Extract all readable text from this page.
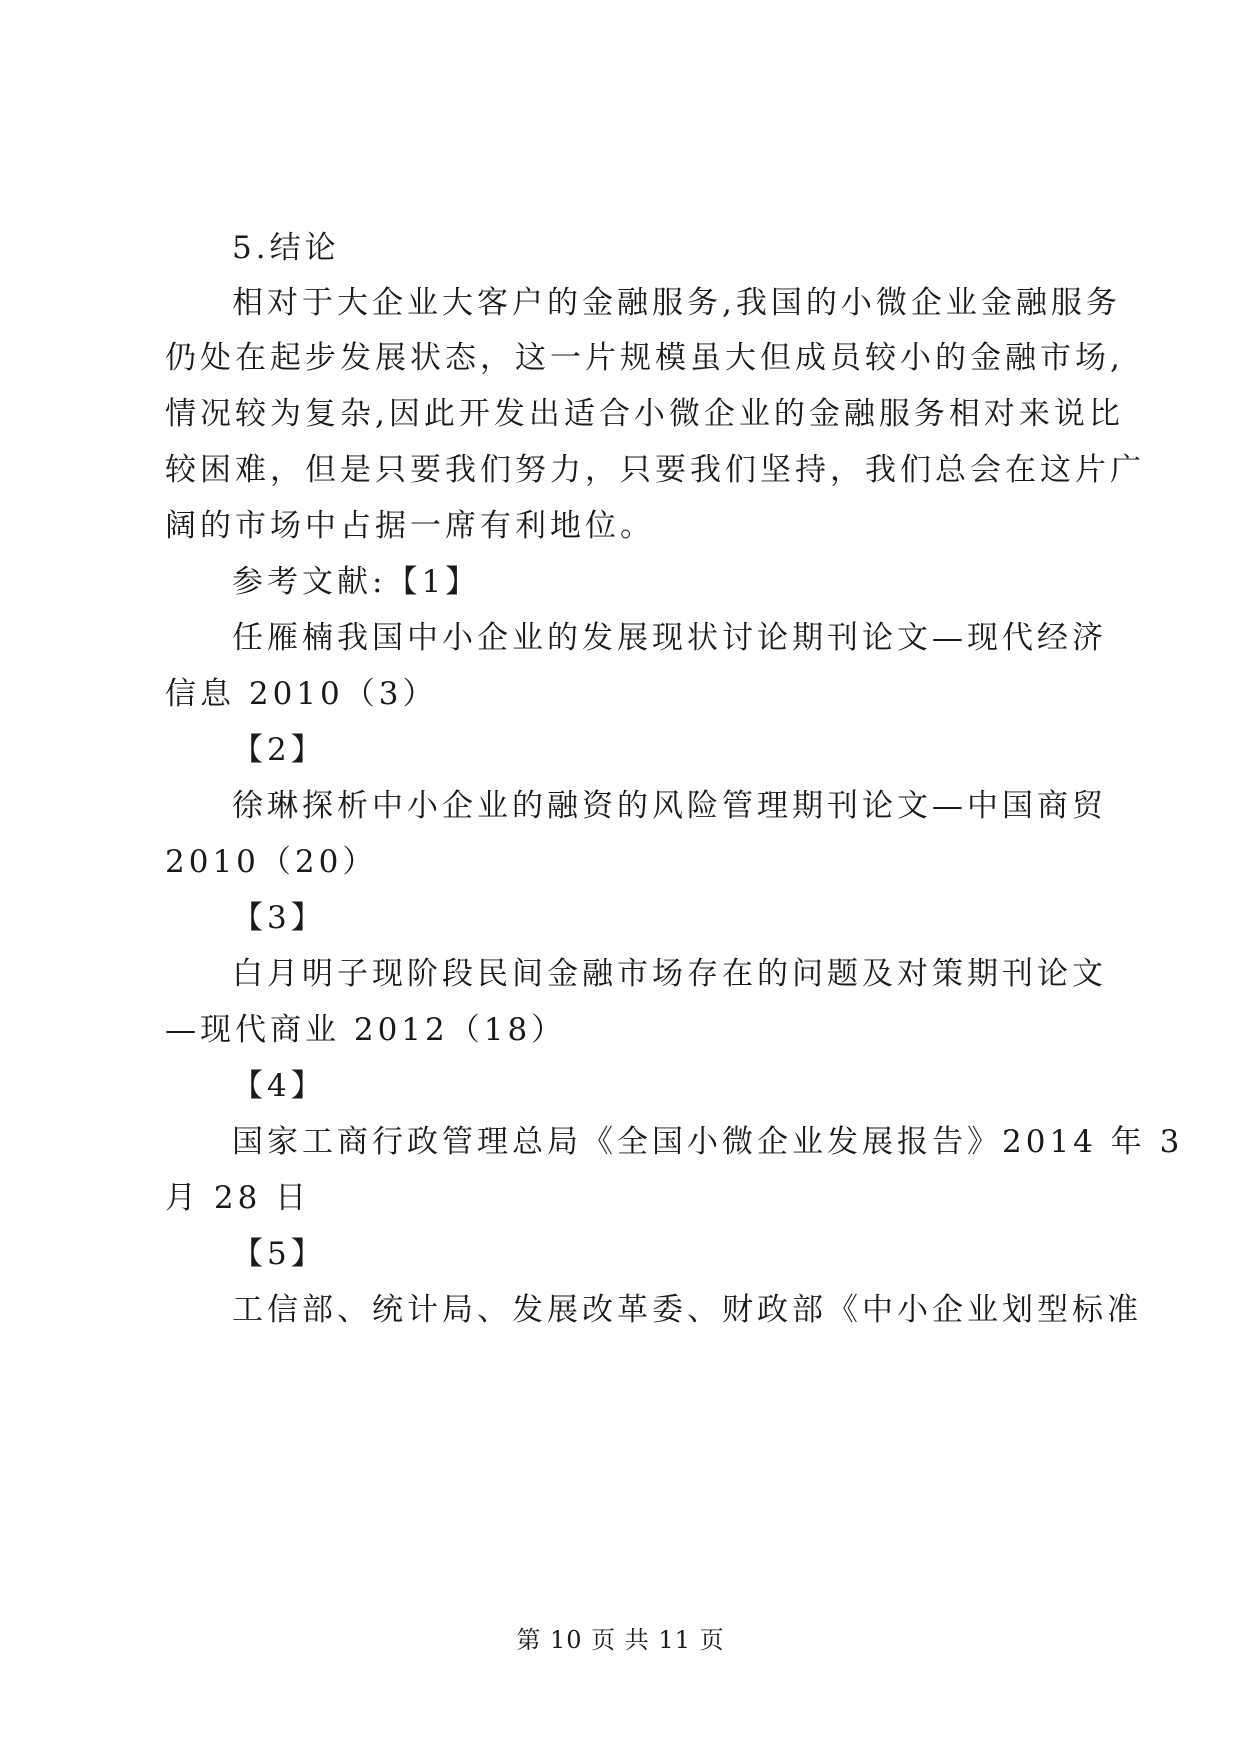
5.结论
相对于大企业大客户的金融服务,我国的小微企业金融服务
仍处在起步发展状态，这一片规模虽大但成员较小的金融市场,
情况较为复杂,因此开发出适合小微企业的金融服务相对来说比
较困难，但是只要我们努力，只要我们坚持，我们总会在这片广
阔的市场中占据一席有利地位。
参考文献:【1】
任雁楠我国中小企业的发展现状讨论期刊论文—现代经济
信息 2010（3）
【2】
徐琳探析中小企业的融资的风险管理期刊论文—中国商贸
2010（20）
【3】
白月明子现阶段民间金融市场存在的问题及对策期刊论文
—现代商业 2012（18）
【4】
国家工商行政管理总局《全国小微企业发展报告》2014 年 3
月 28 日
【5】
工信部、统计局、发展改革委、财政部《中小企业划型标准
第 10 页 共 11 页
